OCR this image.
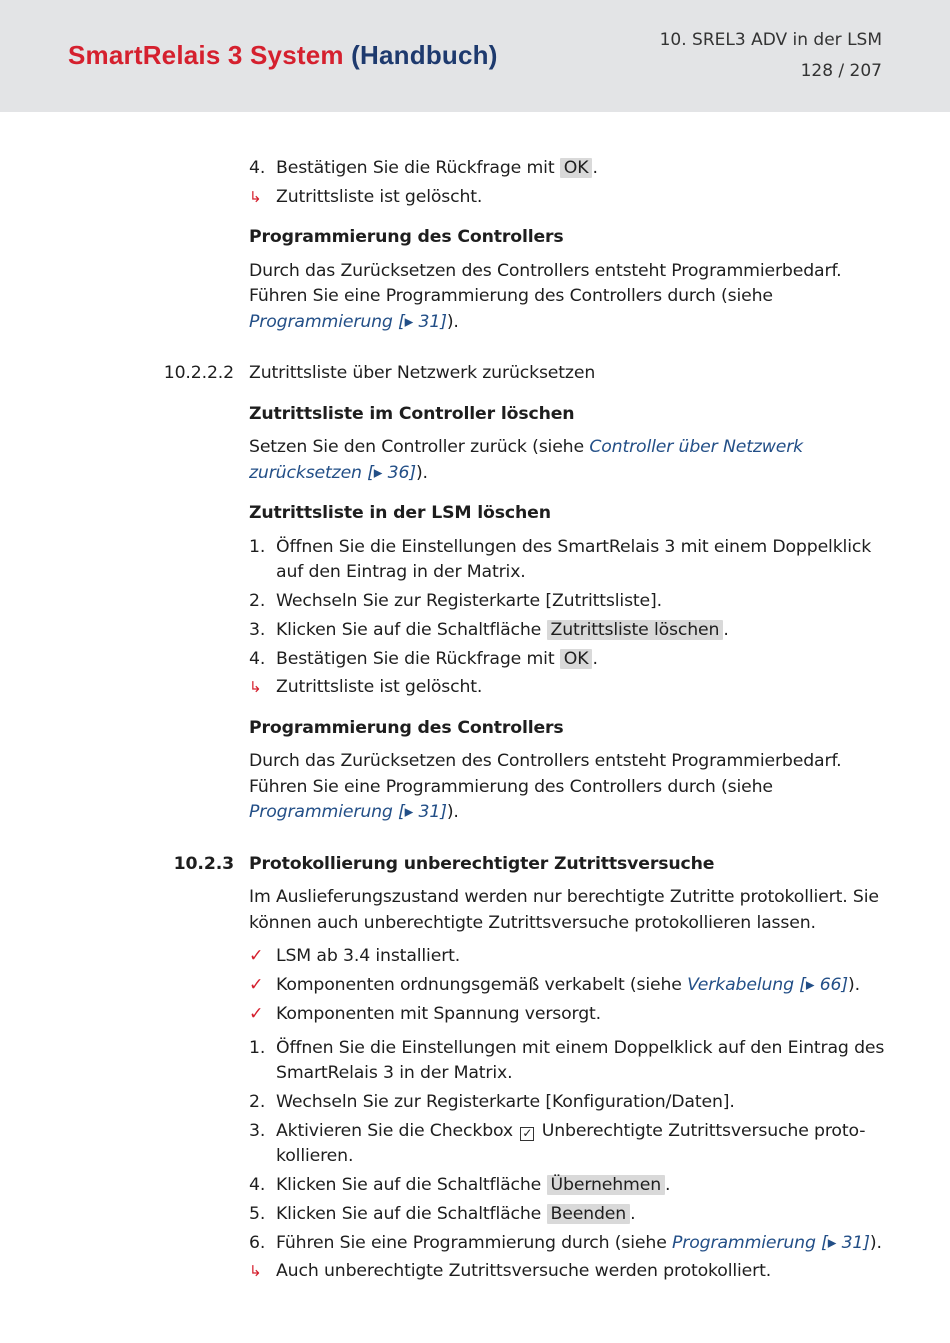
SmartRelais 3 System (Handbuch)	10. SREL3 ADV in der LSM
128 / 207
4. Bestätigen Sie die Rückfrage mit OK .
↳ Zutrittsliste ist gelöscht.
Programmierung des Controllers

Durch das Zurücksetzen des Controllers entsteht Programmierbedarf.
Führen Sie eine Programmierung des Controllers durch (siehe
Programmierung [▸ 31]).

10.2.2.2 Zutrittsliste über Netzwerk zurücksetzen
Zutrittsliste im Controller löschen

Setzen Sie den Controller zurück (siehe Controller über Netzwerk
zurücksetzen [▸ 36]).

Zutrittsliste in der LSM löschen
1. Öffnen Sie die Einstellungen des SmartRelais 3 mit einem Doppelklick
auf den Eintrag in der Matrix.
2. Wechseln Sie zur Registerkarte [Zutrittsliste].
3. Klicken Sie auf die Schaltfläche Zutrittsliste löschen .
4. Bestätigen Sie die Rückfrage mit OK .
↳ Zutrittsliste ist gelöscht.
Programmierung des Controllers

Durch das Zurücksetzen des Controllers entsteht Programmierbedarf.
Führen Sie eine Programmierung des Controllers durch (siehe
Programmierung [▸ 31]).

10.2.3 Protokollierung unberechtigter Zutrittsversuche

Im Auslieferungszustand werden nur berechtigte Zutritte protokolliert. Sie
können auch unberechtigte Zutrittsversuche protokollieren lassen.

✓ LSM ab 3.4 installiert.
✓ Komponenten ordnungsgemäß verkabelt (siehe Verkabelung [▸ 66]).
✓ Komponenten mit Spannung versorgt.
1. Öffnen Sie die Einstellungen mit einem Doppelklick auf den Eintrag des
SmartRelais 3 in der Matrix.
2. Wechseln Sie zur Registerkarte [Konfiguration/Daten].
3. Aktivieren Sie die Checkbox ✓ Unberechtigte Zutrittsversuche proto-
kollieren.
4. Klicken Sie auf die Schaltfläche Übernehmen .
5. Klicken Sie auf die Schaltfläche Beenden .
6. Führen Sie eine Programmierung durch (siehe Programmierung [▸ 31]).
↳ Auch unberechtigte Zutrittsversuche werden protokolliert.
